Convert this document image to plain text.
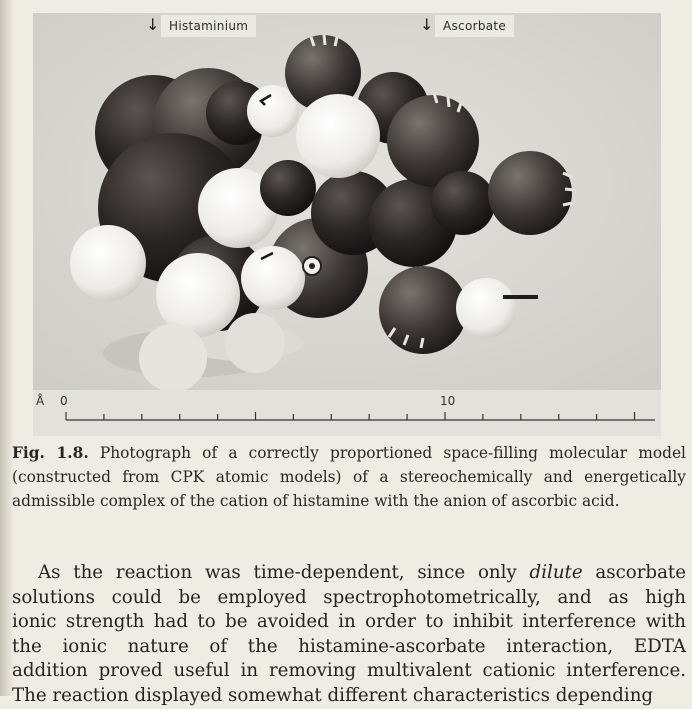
↓ Histaminium	↓ Ascorbate
Å 0	10
Fig. 1.8. Photograph of a correctly proportioned space-filling molecular model (constructed from CPK atomic models) of a stereochemically and energetically admissible complex of the cation of histamine with the anion of ascorbic acid.

As the reaction was time-dependent, since only dilute ascorbate
solutions could be employed spectrophotometrically, and as high
ionic strength had to be avoided in order to inhibit interference with
the ionic nature of the histamine-ascorbate interaction, EDTA
addition proved useful in removing multivalent cationic interference.
The reaction displayed somewhat different characteristics depending
